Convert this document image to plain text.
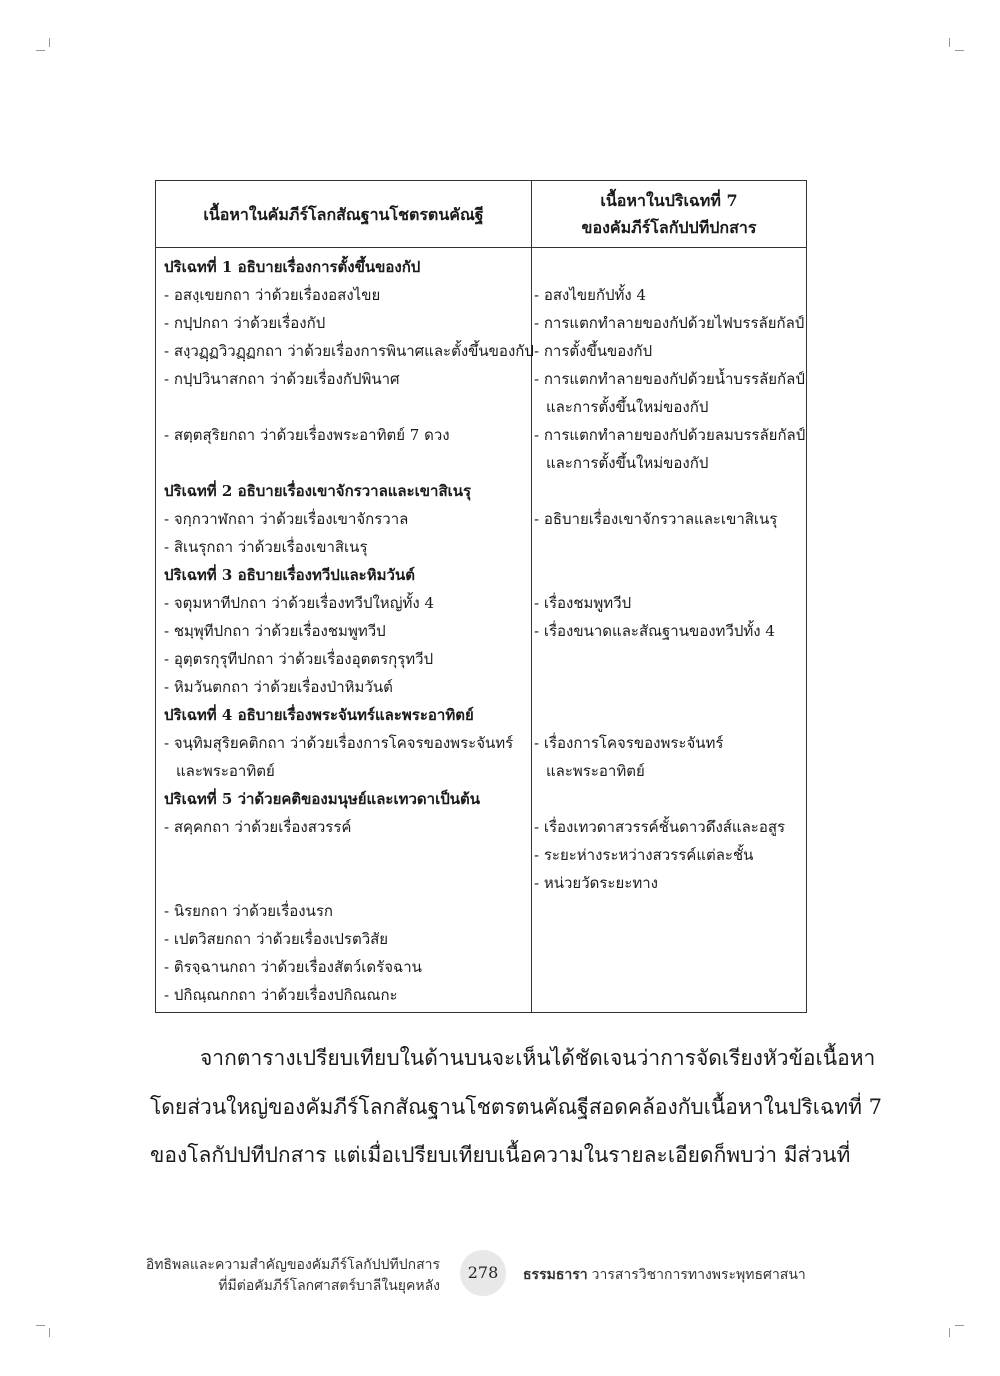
เนื้อหาในคัมภีร์โลกสัณฐานโชตรตนคัณฐี
เนื้อหาในปริเฉทที่ 7
ของคัมภีร์โลกัปปทีปกสาร
ปริเฉทที่ 1 อธิบายเรื่องการตั้งขึ้นของกัป
- อสงฺเขยกถา ว่าด้วยเรื่องอสงไขย
- กปฺปกถา ว่าด้วยเรื่องกัป
- สงฺวฏฺฏวิวฏฺฏกถา ว่าด้วยเรื่องการพินาศและตั้งขึ้นของกัป
- กปฺปวินาสกถา ว่าด้วยเรื่องกัปพินาศ
- สตฺตสุริยกถา ว่าด้วยเรื่องพระอาทิตย์ 7 ดวง
ปริเฉทที่ 2 อธิบายเรื่องเขาจักรวาลและเขาสิเนรุ
- จกฺกวาฬกถา ว่าด้วยเรื่องเขาจักรวาล
- สิเนรุกถา ว่าด้วยเรื่องเขาสิเนรุ
ปริเฉทที่ 3 อธิบายเรื่องทวีปและหิมวันต์
- จตุมหาทีปกถา ว่าด้วยเรื่องทวีปใหญ่ทั้ง 4
- ชมฺพุทีปกถา ว่าด้วยเรื่องชมพูทวีป
- อุตฺตรกุรุทีปกถา ว่าด้วยเรื่องอุตตรกุรุทวีป
- หิมวันตกถา ว่าด้วยเรื่องป่าหิมวันต์
ปริเฉทที่ 4 อธิบายเรื่องพระจันทร์และพระอาทิตย์
- จนฺทิมสุริยคติกถา ว่าด้วยเรื่องการโคจรของพระจันทร์
และพระอาทิตย์
ปริเฉทที่ 5 ว่าด้วยคติของมนุษย์และเทวดาเป็นต้น
- สคฺคกถา ว่าด้วยเรื่องสวรรค์
- นิรยกถา ว่าด้วยเรื่องนรก
- เปตวิสยกถา ว่าด้วยเรื่องเปรตวิสัย
- ติรจฺฉานกถา ว่าด้วยเรื่องสัตว์เดรัจฉาน
- ปกิณฺณกกถา ว่าด้วยเรื่องปกิณณกะ
- อสงไขยกัปทั้ง 4
- การแตกทำลายของกัปด้วยไฟบรรลัยกัลป์
- การตั้งขึ้นของกัป
- การแตกทำลายของกัปด้วยน้ำบรรลัยกัลป์
และการตั้งขึ้นใหม่ของกัป
- การแตกทำลายของกัปด้วยลมบรรลัยกัลป์
และการตั้งขึ้นใหม่ของกัป
- อธิบายเรื่องเขาจักรวาลและเขาสิเนรุ
- เรื่องชมพูทวีป
- เรื่องขนาดและสัณฐานของทวีปทั้ง 4
- เรื่องการโคจรของพระจันทร์
และพระอาทิตย์
- เรื่องเทวดาสวรรค์ชั้นดาวดึงส์และอสูร
- ระยะห่างระหว่างสวรรค์แต่ละชั้น
- หน่วยวัดระยะทาง
จากตารางเปรียบเทียบในด้านบนจะเห็นได้ชัดเจนว่าการจัดเรียงหัวข้อเนื้อหา
โดยส่วนใหญ่ของคัมภีร์โลกสัณฐานโชตรตนคัณฐีสอดคล้องกับเนื้อหาในปริเฉทที่ 7
ของโลกัปปทีปกสาร แต่เมื่อเปรียบเทียบเนื้อความในรายละเอียดก็พบว่า มีส่วนที่
อิทธิพลและความสำคัญของคัมภีร์โลกัปปทีปกสาร
ที่มีต่อคัมภีร์โลกศาสตร์บาลีในยุคหลัง
278	ธรรมธารา วารสารวิชาการทางพระพุทธศาสนา
